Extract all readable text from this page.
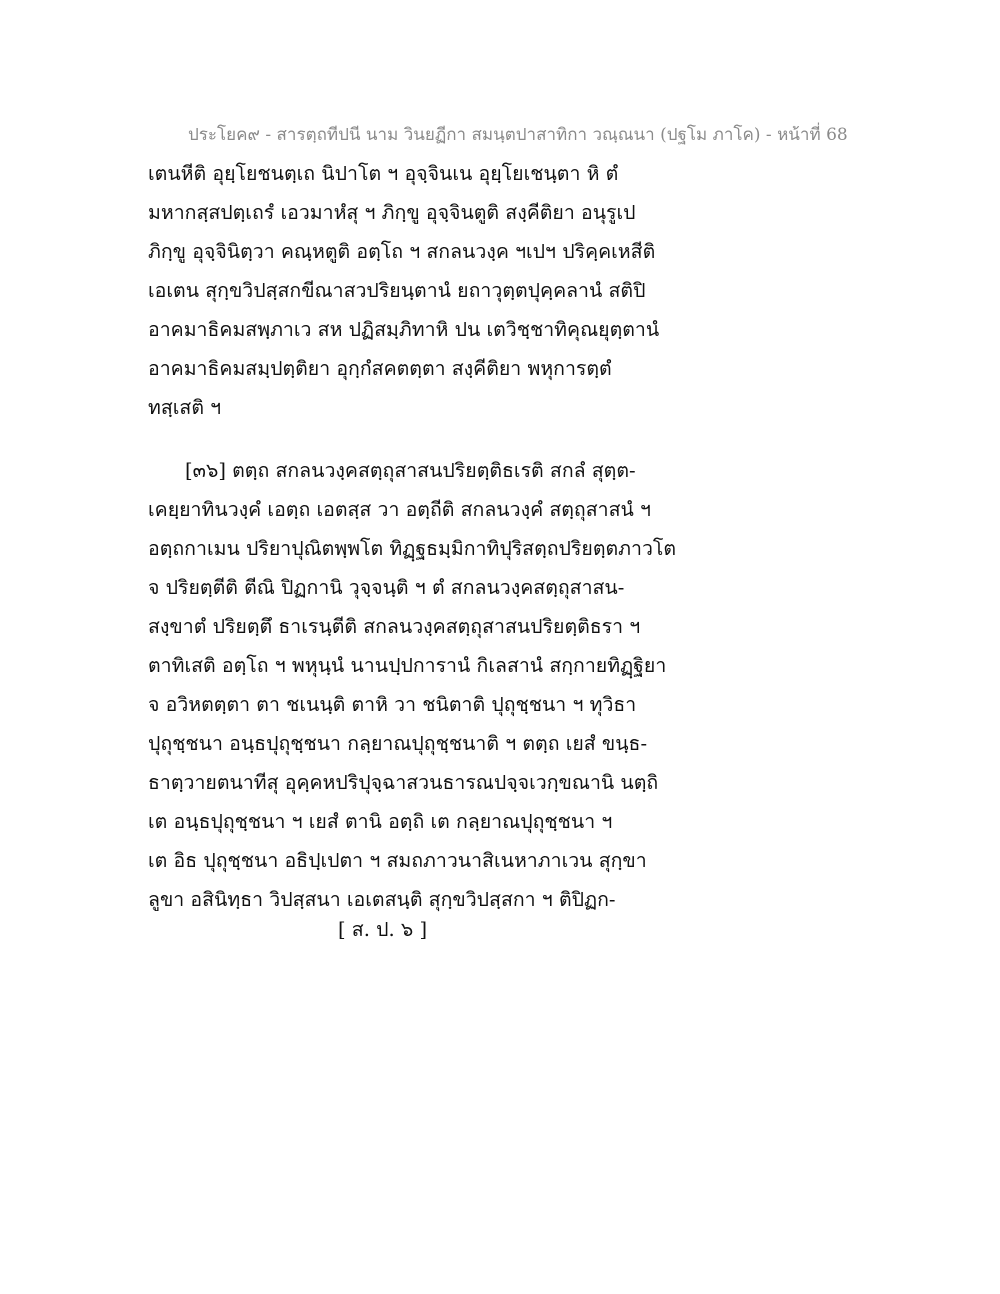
ประโยค๙ - สารตฺถทีปนี นาม วินยฏีกา สมนฺตปาสาทิกา วณฺณนา (ปฐโม ภาโค) - หน้าที่ 68
เตนหีติ อุยฺโยชนตฺเถ นิปาโต ฯ อุจฺจินเน อุยฺโยเชนฺตา หิ ตํ
มหากสฺสปตฺเถรํ เอวมาหํสุ ฯ ภิกฺขู อุจฺจินตูติ สงฺคีติยา อนุรูเป
ภิกฺขู อุจฺจินิตฺวา คณฺหตูติ อตฺโถ ฯ สกลนวงฺค ฯเปฯ ปริคฺคเหสีติ
เอเตน สุกฺขวิปสฺสกขีณาสวปริยนฺตานํ ยถาวุตฺตปุคฺคลานํ สติปิ
อาคมาธิคมสพฺภาเว สห ปฏิสมฺภิทาหิ ปน เตวิชฺชาทิคุณยุตฺตานํ
อาคมาธิคมสมฺปตฺติยา อุกฺกํสคตตฺตา สงฺคีติยา พหุการตฺตํ
ทสฺเสติ ฯ
[๓๖] ตตฺถ สกลนวงฺคสตฺถุสาสนปริยตฺติธเรติ สกลํ สุตฺต-
เคยฺยาทินวงฺคํ เอตฺถ เอตสฺส วา อตฺถีติ สกลนวงฺคํ สตฺถุสาสนํ ฯ
อตฺถกาเมน ปริยาปุณิตพฺพโต ทิฏฺฐธมฺมิกาทิปุริสตฺถปริยตฺตภาวโต
จ ปริยตฺตีติ ตีณิ ปิฏกานิ วุจฺจนฺติ ฯ ตํ สกลนวงฺคสตฺถุสาสน-
สงฺขาตํ ปริยตฺตึ ธาเรนฺตีติ สกลนวงฺคสตฺถุสาสนปริยตฺติธรา ฯ
ตาทิเสติ อตฺโถ ฯ พหุนฺนํ นานปฺปการานํ กิเลสานํ สกฺกายทิฏฺฐิยา
จ อวิหตตฺตา ตา ชเนนฺติ ตาหิ วา ชนิตาติ ปุถุชฺชนา ฯ ทุวิธา
ปุถุชฺชนา อนฺธปุถุชฺชนา กลฺยาณปุถุชฺชนาติ ฯ ตตฺถ เยสํ ขนฺธ-
ธาตฺวายตนาทีสุ อุคฺคหปริปุจฺฉาสวนธารณปจฺจเวกฺขณานิ นตฺถิ
เต อนฺธปุถุชฺชนา ฯ เยสํ ตานิ อตฺถิ เต กลฺยาณปุถุชฺชนา ฯ
เต อิธ ปุถุชฺชนา อธิปฺเปตา ฯ สมถภาวนาสิเนหาภาเวน สุกฺขา
ลูขา อสินิทฺธา วิปสฺสนา เอเตสนฺติ สุกฺขวิปสฺสกา ฯ ติปิฏก-
[ ส. ป. ๖ ]
